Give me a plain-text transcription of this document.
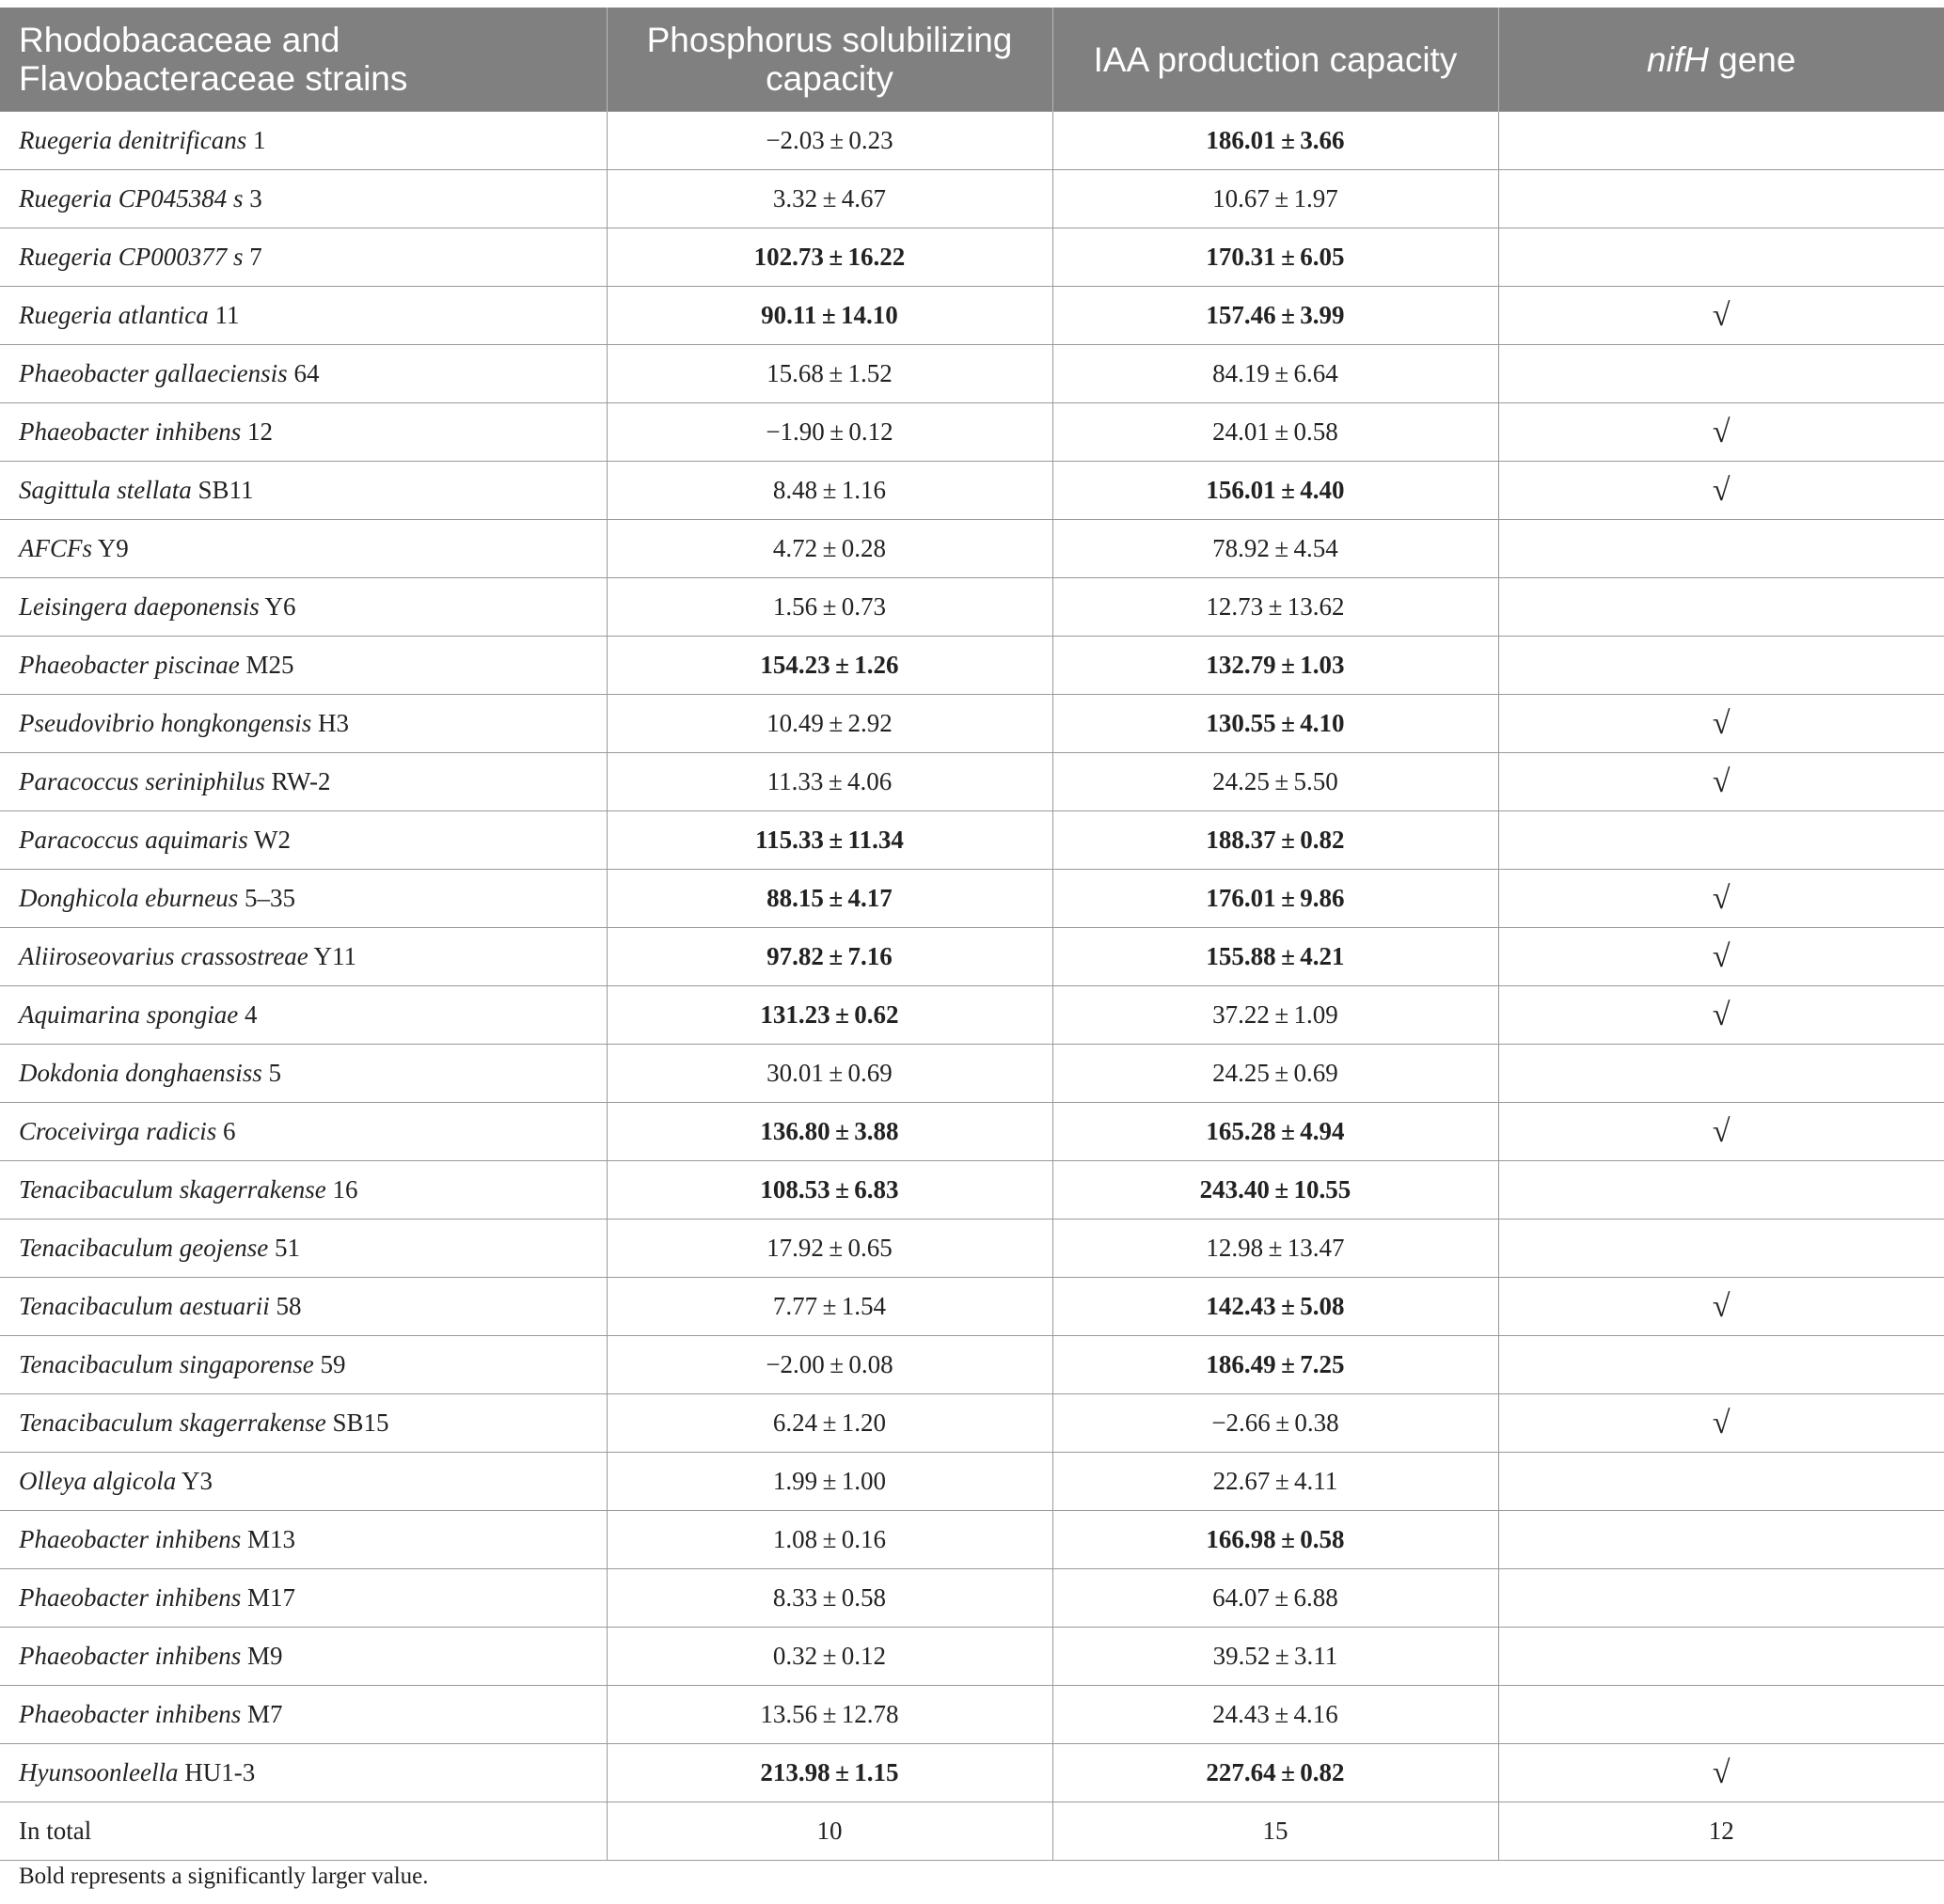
Rhodobacaceae and Flavobacteraceae strains	Phosphorus solubilizing capacity	IAA production capacity	nifH gene
Ruegeria denitrificans 1	−2.03 ± 0.23	186.01 ± 3.66	
Ruegeria CP045384 s 3	3.32 ± 4.67	10.67 ± 1.97	
Ruegeria CP000377 s 7	102.73 ± 16.22	170.31 ± 6.05	
Ruegeria atlantica 11	90.11 ± 14.10	157.46 ± 3.99	√
Phaeobacter gallaeciensis 64	15.68 ± 1.52	84.19 ± 6.64	
Phaeobacter inhibens 12	−1.90 ± 0.12	24.01 ± 0.58	√
Sagittula stellata SB11	8.48 ± 1.16	156.01 ± 4.40	√
AFCFs Y9	4.72 ± 0.28	78.92 ± 4.54	
Leisingera daeponensis Y6	1.56 ± 0.73	12.73 ± 13.62	
Phaeobacter piscinae M25	154.23 ± 1.26	132.79 ± 1.03	
Pseudovibrio hongkongensis H3	10.49 ± 2.92	130.55 ± 4.10	√
Paracoccus seriniphilus RW-2	11.33 ± 4.06	24.25 ± 5.50	√
Paracoccus aquimaris W2	115.33 ± 11.34	188.37 ± 0.82	
Donghicola eburneus 5–35	88.15 ± 4.17	176.01 ± 9.86	√
Aliiroseovarius crassostreae Y11	97.82 ± 7.16	155.88 ± 4.21	√
Aquimarina spongiae 4	131.23 ± 0.62	37.22 ± 1.09	√
Dokdonia donghaensiss 5	30.01 ± 0.69	24.25 ± 0.69	
Croceivirga radicis 6	136.80 ± 3.88	165.28 ± 4.94	√
Tenacibaculum skagerrakense 16	108.53 ± 6.83	243.40 ± 10.55	
Tenacibaculum geojense 51	17.92 ± 0.65	12.98 ± 13.47	
Tenacibaculum aestuarii 58	7.77 ± 1.54	142.43 ± 5.08	√
Tenacibaculum singaporense 59	−2.00 ± 0.08	186.49 ± 7.25	
Tenacibaculum skagerrakense SB15	6.24 ± 1.20	−2.66 ± 0.38	√
Olleya algicola Y3	1.99 ± 1.00	22.67 ± 4.11	
Phaeobacter inhibens M13	1.08 ± 0.16	166.98 ± 0.58	
Phaeobacter inhibens M17	8.33 ± 0.58	64.07 ± 6.88	
Phaeobacter inhibens M9	0.32 ± 0.12	39.52 ± 3.11	
Phaeobacter inhibens M7	13.56 ± 12.78	24.43 ± 4.16	
Hyunsoonleella HU1-3	213.98 ± 1.15	227.64 ± 0.82	√
In total	10	15	12
Bold represents a significantly larger value.
